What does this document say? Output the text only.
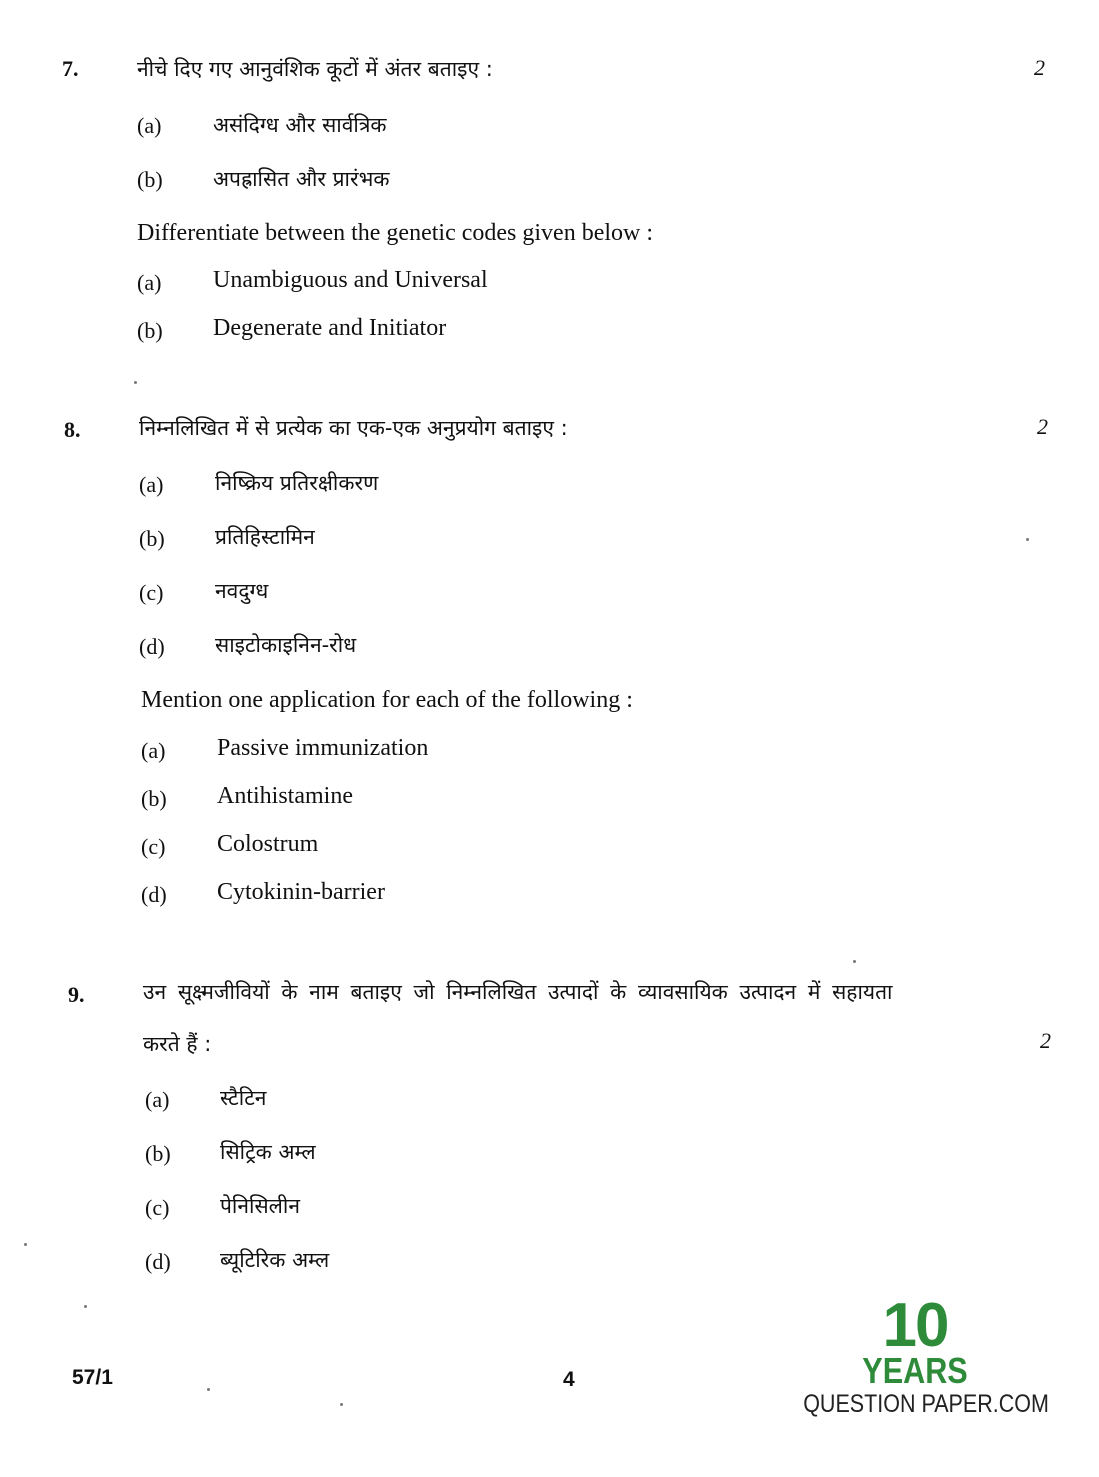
7.	नीचे दिए गए आनुवंशिक कूटों में अंतर बताइए :	2
(a) असंदिग्ध और सार्वत्रिक
(b) अपह्रासित और प्रारंभक
Differentiate between the genetic codes given below :
(a) Unambiguous and Universal
(b) Degenerate and Initiator
8.	निम्नलिखित में से प्रत्येक का एक-एक अनुप्रयोग बताइए :	2
(a) निष्क्रिय प्रतिरक्षीकरण
(b) प्रतिहिस्टामिन
(c) नवदुग्ध
(d) साइटोकाइनिन-रोध
Mention one application for each of the following :
(a) Passive immunization
(b) Antihistamine
(c) Colostrum
(d) Cytokinin-barrier
9.	उन सूक्ष्मजीवियों के नाम बताइए जो निम्नलिखित उत्पादों के व्यावसायिक उत्पादन में सहायता
करते हैं :	2
(a) स्टैटिन
(b) सिट्रिक अम्ल
(c) पेनिसिलीन
(d) ब्यूटिरिक अम्ल
57/1	4
10
YEARS
QUESTION PAPER.COM
